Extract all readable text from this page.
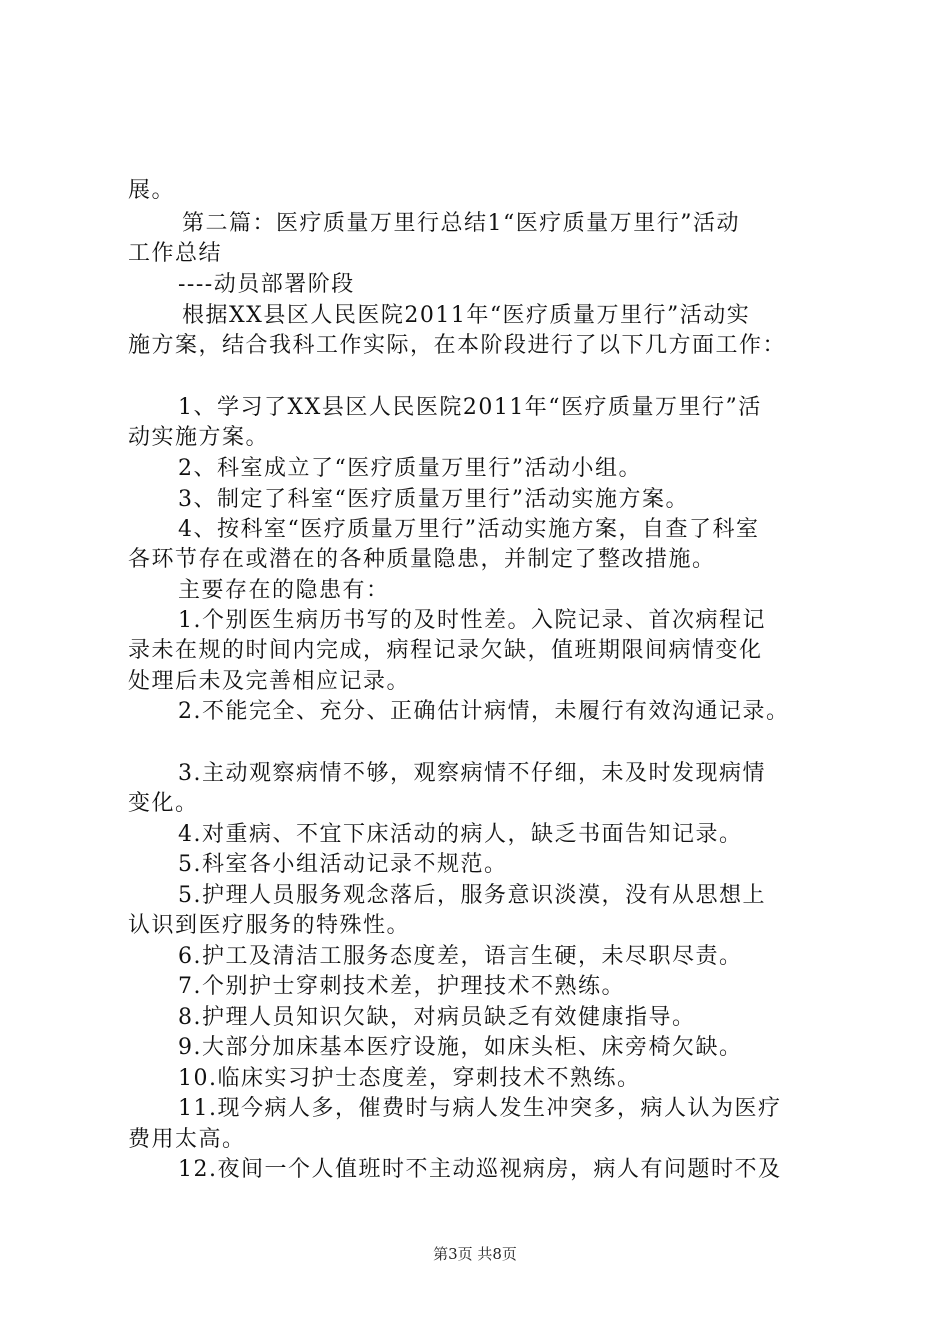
展。
第二篇：医疗质量万里行总结1“医疗质量万里行”活动
工作总结
----动员部署阶段
根据XX县区人民医院2011年“医疗质量万里行”活动实
施方案，结合我科工作实际，在本阶段进行了以下几方面工作：
1、学习了XX县区人民医院2011年“医疗质量万里行”活
动实施方案。
2、科室成立了“医疗质量万里行”活动小组。
3、制定了科室“医疗质量万里行”活动实施方案。
4、按科室“医疗质量万里行”活动实施方案，自查了科室
各环节存在或潜在的各种质量隐患，并制定了整改措施。
主要存在的隐患有：
1.个别医生病历书写的及时性差。入院记录、首次病程记
录未在规的时间内完成，病程记录欠缺，值班期限间病情变化
处理后未及完善相应记录。
2.不能完全、充分、正确估计病情，未履行有效沟通记录。
3.主动观察病情不够，观察病情不仔细，未及时发现病情
变化。
4.对重病、不宜下床活动的病人，缺乏书面告知记录。
5.科室各小组活动记录不规范。
5.护理人员服务观念落后，服务意识淡漠，没有从思想上
认识到医疗服务的特殊性。
6.护工及清洁工服务态度差，语言生硬，未尽职尽责。
7.个别护士穿刺技术差，护理技术不熟练。
8.护理人员知识欠缺，对病员缺乏有效健康指导。
9.大部分加床基本医疗设施，如床头柜、床旁椅欠缺。
10.临床实习护士态度差，穿刺技术不熟练。
11.现今病人多，催费时与病人发生冲突多，病人认为医疗
费用太高。
12.夜间一个人值班时不主动巡视病房，病人有问题时不及
第3页 共8页
